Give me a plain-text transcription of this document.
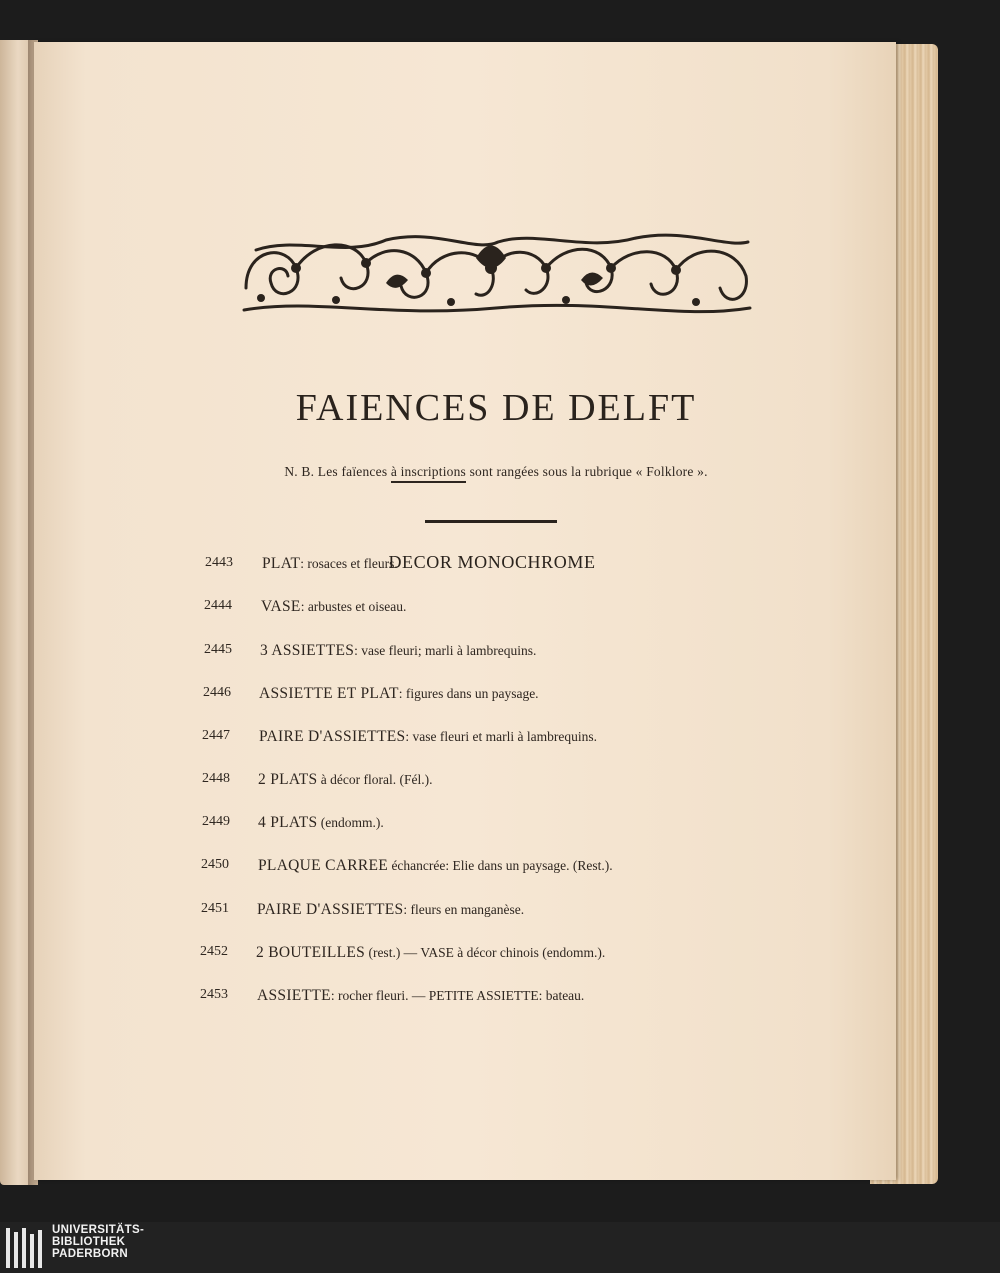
FAIENCES DE DELFT
N. B. Les faïences à inscriptions sont rangées sous la rubrique « Folklore ».
DECOR MONOCHROME
2443 PLAT: rosaces et fleurs.
2444 VASE: arbustes et oiseau.
2445 3 ASSIETTES: vase fleuri; marli à lambrequins.
2446 ASSIETTE ET PLAT: figures dans un paysage.
2447 PAIRE D'ASSIETTES: vase fleuri et marli à lambrequins.
2448 2 PLATS à décor floral. (Fél.).
2449 4 PLATS (endomm.).
2450 PLAQUE CARREE échancrée: Elie dans un paysage. (Rest.).
2451 PAIRE D'ASSIETTES: fleurs en manganèse.
2452 2 BOUTEILLES (rest.) — VASE à décor chinois (endomm.).
2453 ASSIETTE: rocher fleuri. — PETITE ASSIETTE: bateau.
UNIVERSITÄTS-
BIBLIOTHEK
PADERBORN
